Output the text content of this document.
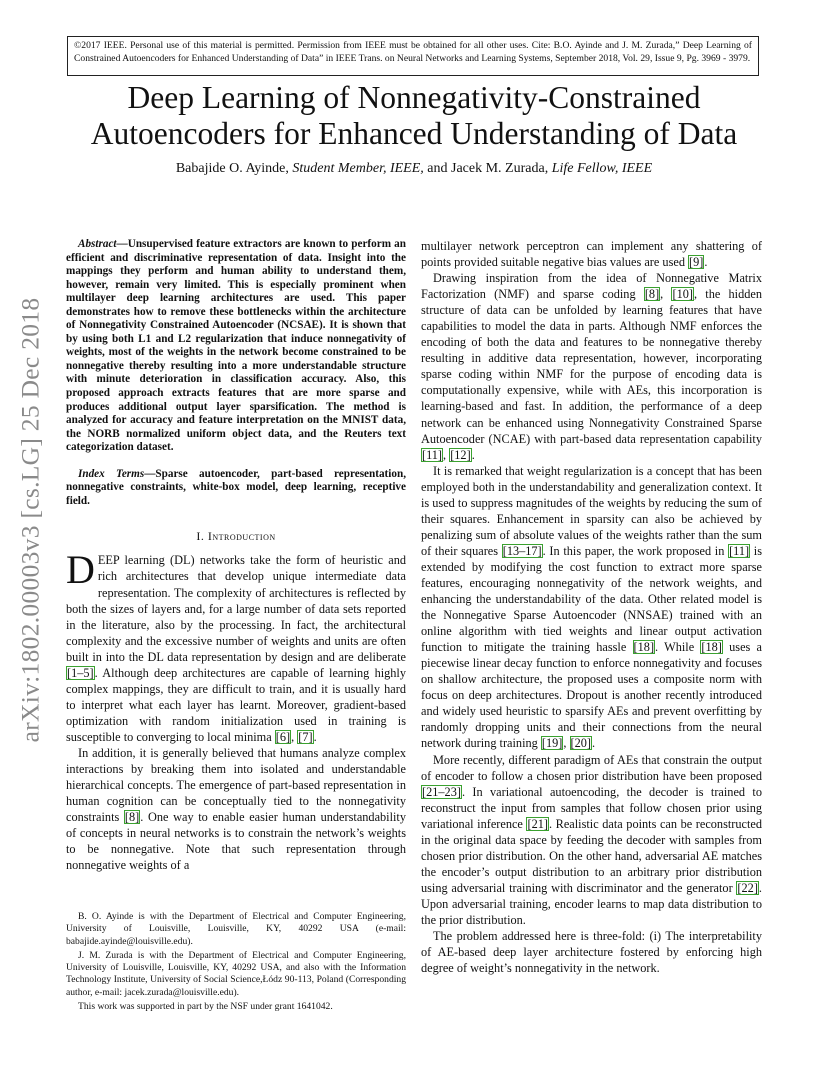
©2017 IEEE. Personal use of this material is permitted. Permission from IEEE must be obtained for all other uses. Cite: B.O. Ayinde and J. M. Zurada,” Deep Learning of Constrained Autoencoders for Enhanced Understanding of Data” in IEEE Trans. on Neural Networks and Learning Systems, September 2018, Vol. 29, Issue 9, Pg. 3969 - 3979.
Deep Learning of Nonnegativity-Constrained
Autoencoders for Enhanced Understanding of Data
Babajide O. Ayinde, Student Member, IEEE, and Jacek M. Zurada, Life Fellow, IEEE
arXiv:1802.00003v3 [cs.LG] 25 Dec 2018

Abstract—Unsupervised feature extractors are known to perform an efficient and discriminative representation of data. Insight into the mappings they perform and human ability to understand them, however, remain very limited. This is especially prominent when multilayer deep learning architectures are used. This paper demonstrates how to remove these bottlenecks within the architecture of Nonnegativity Constrained Autoencoder (NCSAE). It is shown that by using both L1 and L2 regularization that induce nonnegativity of weights, most of the weights in the network become constrained to be nonnegative thereby resulting into a more understandable structure with minute deterioration in classification accuracy. Also, this proposed approach extracts features that are more sparse and produces additional output layer sparsification. The method is analyzed for accuracy and feature interpretation on the MNIST data, the NORB normalized uniform object data, and the Reuters text categorization dataset.

Index Terms—Sparse autoencoder, part-based representation, nonnegative constraints, white-box model, deep learning, receptive field.

I. Introduction

DEEP learning (DL) networks take the form of heuristic and rich architectures that develop unique intermediate data representation. The complexity of architectures is reflected by both the sizes of layers and, for a large number of data sets reported in the literature, also by the processing. In fact, the architectural complexity and the excessive number of weights and units are often built in into the DL data representation by design and are deliberate [1–5]. Although deep architectures are capable of learning highly complex mappings, they are difficult to train, and it is usually hard to interpret what each layer has learnt. Moreover, gradient-based optimization with random initialization used in training is susceptible to converging to local minima [6], [7].

In addition, it is generally believed that humans analyze complex interactions by breaking them into isolated and understandable hierarchical concepts. The emergence of part-based representation in human cognition can be conceptually tied to the nonnegativity constraints [8]. One way to enable easier human understandability of concepts in neural networks is to constrain the network’s weights to be nonnegative. Note that such representation through nonnegative weights of a

B. O. Ayinde is with the Department of Electrical and Computer Engineering, University of Louisville, Louisville, KY, 40292 USA (e-mail: babajide.ayinde@louisville.edu).

J. M. Zurada is with the Department of Electrical and Computer Engineering, University of Louisville, Louisville, KY, 40292 USA, and also with the Information Technology Institute, University of Social Science,Łódz 90-113, Poland (Corresponding author, e-mail: jacek.zurada@louisville.edu).

This work was supported in part by the NSF under grant 1641042.

multilayer network perceptron can implement any shattering of points provided suitable negative bias values are used [9].

Drawing inspiration from the idea of Nonnegative Matrix Factorization (NMF) and sparse coding [8], [10], the hidden structure of data can be unfolded by learning features that have capabilities to model the data in parts. Although NMF enforces the encoding of both the data and features to be nonnegative thereby resulting in additive data representation, however, incorporating sparse coding within NMF for the purpose of encoding data is computationally expensive, while with AEs, this incorporation is learning-based and fast. In addition, the performance of a deep network can be enhanced using Nonnegativity Constrained Sparse Autoencoder (NCAE) with part-based data representation capability [11], [12].

It is remarked that weight regularization is a concept that has been employed both in the understandability and generalization context. It is used to suppress magnitudes of the weights by reducing the sum of their squares. Enhancement in sparsity can also be achieved by penalizing sum of absolute values of the weights rather than the sum of their squares [13–17]. In this paper, the work proposed in [11] is extended by modifying the cost function to extract more sparse features, encouraging nonnegativity of the network weights, and enhancing the understandability of the data. Other related model is the Nonnegative Sparse Autoencoder (NNSAE) trained with an online algorithm with tied weights and linear output activation function to mitigate the training hassle [18]. While [18] uses a piecewise linear decay function to enforce nonnegativity and focuses on shallow architecture, the proposed uses a composite norm with focus on deep architectures. Dropout is another recently introduced and widely used heuristic to sparsify AEs and prevent overfitting by randomly dropping units and their connections from the neural network during training [19], [20].

More recently, different paradigm of AEs that constrain the output of encoder to follow a chosen prior distribution have been proposed [21–23]. In variational autoencoding, the decoder is trained to reconstruct the input from samples that follow chosen prior using variational inference [21]. Realistic data points can be reconstructed in the original data space by feeding the decoder with samples from chosen prior distribution. On the other hand, adversarial AE matches the encoder’s output distribution to an arbitrary prior distribution using adversarial training with discriminator and the generator [22]. Upon adversarial training, encoder learns to map data distribution to the prior distribution.

The problem addressed here is three-fold: (i) The interpretability of AE-based deep layer architecture fostered by enforcing high degree of weight’s nonnegativity in the network.
